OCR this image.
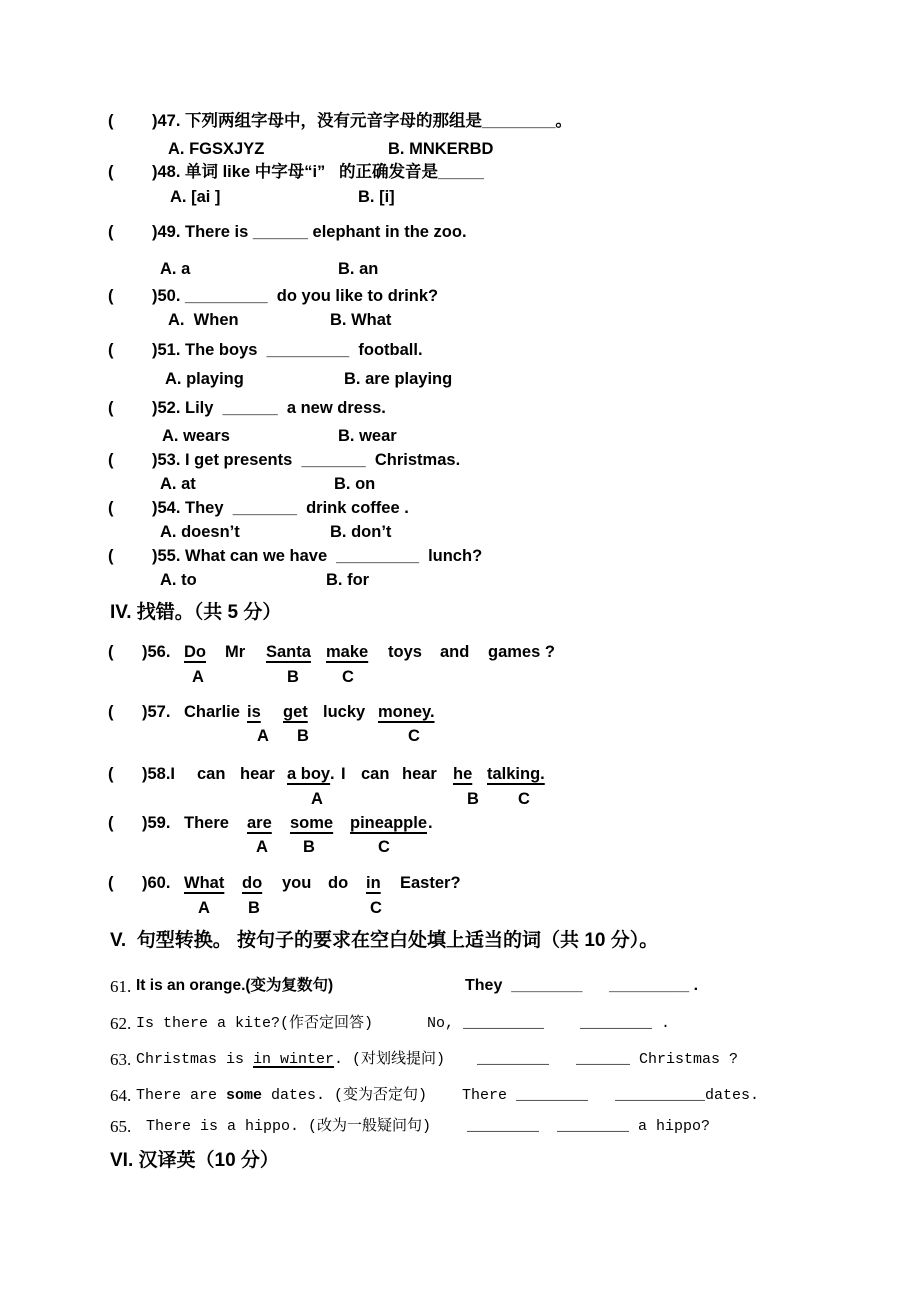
( )47. 下列两组字母中，没有元音字母的那组是________。
A. FGSXJYZ	B. MNKERBD
( )48. 单词 like 中字母“i”   的正确发音是_____
A. [ai ]	B. [i]
( )49. There is ______ elephant in the zoo.
A. a	B. an
( )50. _________  do you like to drink?
A.  When	B. What
( )51. The boys  _________  football.
A. playing	B. are playing
( )52. Lily  ______  a new dress.
A. wears	B. wear
( )53. I get presents  _______  Christmas.
A. at	B. on
( )54. They  _______  drink coffee .
A. doesn’t	B. don’t
( )55. What can we have  _________  lunch?
A. to	B. for
IV. 找错。（共 5 分）
( )56. Do Mr Santa make toys and games ?
A	B	C
( )57. Charlie is get lucky money.
A B	C
( )58.I can hear a boy . I can hear he talking.
A	B C
( )59. There are some pineapple .
A B	C
( )60. What do you do in Easter?
A B	C
V.  句型转换。 按句子的要求在空白处填上适当的词（共 10 分）。
61. It is an orange.(变为复数句)	They  ________      _________ .
62. Is there a kite?(作否定回答)	No, _________    ________ .
63. Christmas is in winter. (对划线提问) ________   ______ Christmas ?
64. There are some dates. (变为否定句) There ________   __________dates.
65. There is a hippo. (改为一般疑问句) ________  ________ a hippo?
VI. 汉译英（10 分）
